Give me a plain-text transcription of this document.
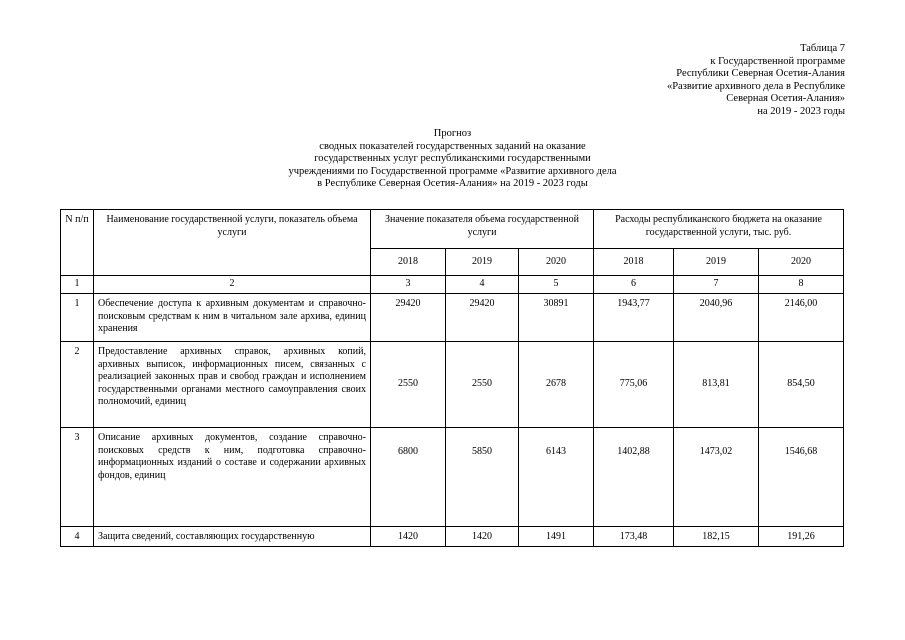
Таблица 7
к Государственной программе
Республики Северная Осетия-Алания
«Развитие архивного дела в Республике
Северная Осетия-Алания»
на 2019 - 2023 годы
Прогноз
сводных показателей государственных заданий на оказание
государственных услуг республиканскими государственными
учреждениями по Государственной программе «Развитие архивного дела
в Республике Северная Осетия-Алания» на 2019 - 2023 годы
N п/п	Наименование государственной услуги, показатель объема услуги	Значение показателя объема государственной услуги			Расходы республиканского бюджета на оказание государственной услуги, тыс. руб.		
		2018	2019	2020	2018	2019	2020
1	2	3	4	5	6	7	8
1	Обеспечение доступа к архивным документам и справочно-поисковым средствам к ним в читальном зале архива, единиц хранения	29420	29420	30891	1943,77	2040,96	2146,00
2	Предоставление архивных справок, архивных копий, архивных выписок, информационных писем, связанных с реализацией законных прав и свобод граждан и исполнением государственными органами местного самоуправления своих полномочий, единиц	2550	2550	2678	775,06	813,81	854,50
3	Описание архивных документов, создание справочно-поисковых средств к ним, подготовка справочно-информационных изданий о составе и содержании архивных фондов, единиц	6800	5850	6143	1402,88	1473,02	1546,68
4	Защита сведений, составляющих государственную	1420	1420	1491	173,48	182,15	191,26
